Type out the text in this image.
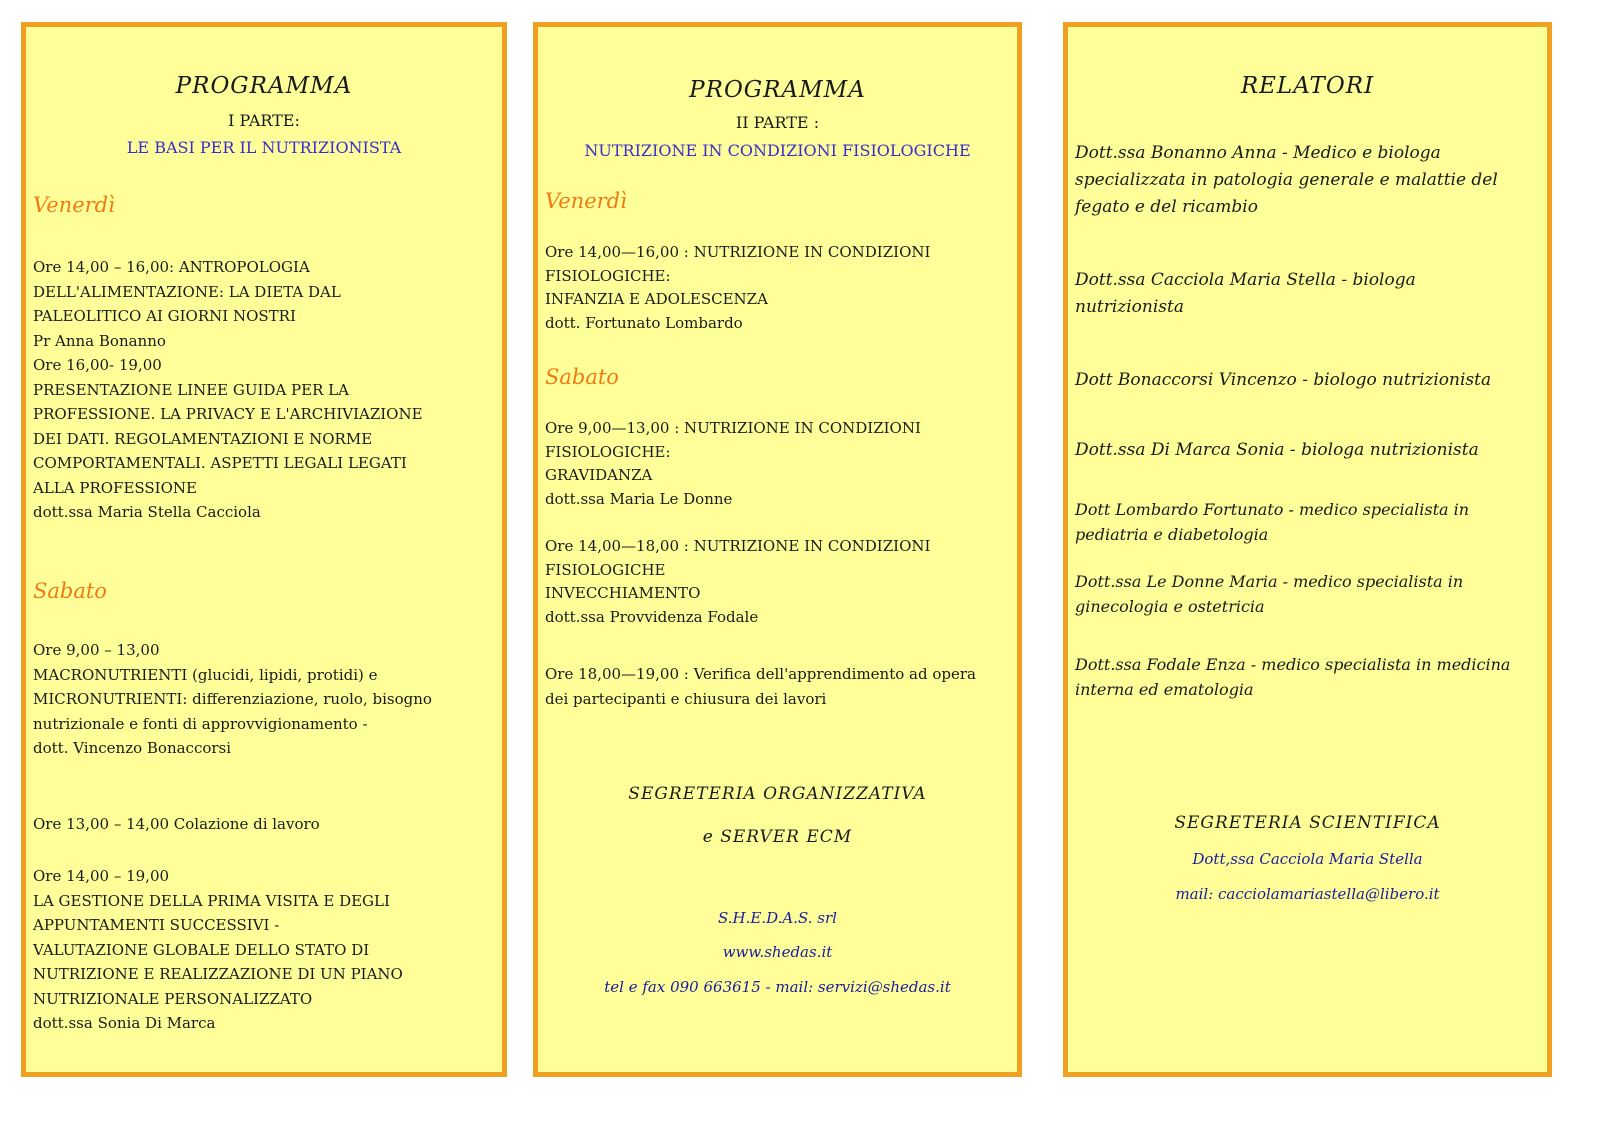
PROGRAMMA
I PARTE:
LE BASI PER IL NUTRIZIONISTA
Venerdì
Ore 14,00 – 16,00: ANTROPOLOGIA
DELL'ALIMENTAZIONE: LA DIETA DAL
PALEOLITICO AI GIORNI NOSTRI
Pr Anna Bonanno
Ore 16,00- 19,00
PRESENTAZIONE LINEE GUIDA PER LA
PROFESSIONE. LA PRIVACY E L'ARCHIVIAZIONE
DEI DATI. REGOLAMENTAZIONI E NORME
COMPORTAMENTALI. ASPETTI LEGALI LEGATI
ALLA PROFESSIONE
dott.ssa Maria Stella Cacciola
Sabato
Ore 9,00 – 13,00
MACRONUTRIENTI (glucidi, lipidi, protidi) e
MICRONUTRIENTI: differenziazione, ruolo, bisogno
nutrizionale e fonti di approvvigionamento -
dott. Vincenzo Bonaccorsi
Ore 13,00 – 14,00 Colazione di lavoro
Ore 14,00 – 19,00
LA GESTIONE DELLA PRIMA VISITA E DEGLI
APPUNTAMENTI SUCCESSIVI -
VALUTAZIONE GLOBALE DELLO STATO DI
NUTRIZIONE E REALIZZAZIONE DI UN PIANO
NUTRIZIONALE PERSONALIZZATO
dott.ssa Sonia Di Marca
PROGRAMMA
II PARTE :
NUTRIZIONE IN CONDIZIONI FISIOLOGICHE
Venerdì
Ore 14,00—16,00 : NUTRIZIONE IN CONDIZIONI
FISIOLOGICHE:
INFANZIA E ADOLESCENZA
dott. Fortunato Lombardo
Sabato
Ore 9,00—13,00 : NUTRIZIONE IN CONDIZIONI
FISIOLOGICHE:
GRAVIDANZA
dott.ssa Maria Le Donne
Ore 14,00—18,00 : NUTRIZIONE IN CONDIZIONI
FISIOLOGICHE
INVECCHIAMENTO
dott.ssa Provvidenza Fodale
Ore 18,00—19,00 : Verifica dell'apprendimento ad opera
dei partecipanti e chiusura dei lavori
SEGRETERIA ORGANIZZATIVA
e SERVER ECM
S.H.E.D.A.S. srl
www.shedas.it
tel e fax 090 663615 - mail: servizi@shedas.it
RELATORI
Dott.ssa Bonanno Anna - Medico e biologa
specializzata in patologia generale e malattie del
fegato e del ricambio
Dott.ssa Cacciola Maria Stella - biologa
nutrizionista
Dott Bonaccorsi Vincenzo - biologo nutrizionista
Dott.ssa Di Marca Sonia - biologa nutrizionista
Dott Lombardo Fortunato - medico specialista in
pediatria e diabetologia
Dott.ssa Le Donne Maria - medico specialista in
ginecologia e ostetricia
Dott.ssa Fodale Enza - medico specialista in medicina
interna ed ematologia
SEGRETERIA SCIENTIFICA
Dott,ssa Cacciola Maria Stella
mail: cacciolamariastella@libero.it
